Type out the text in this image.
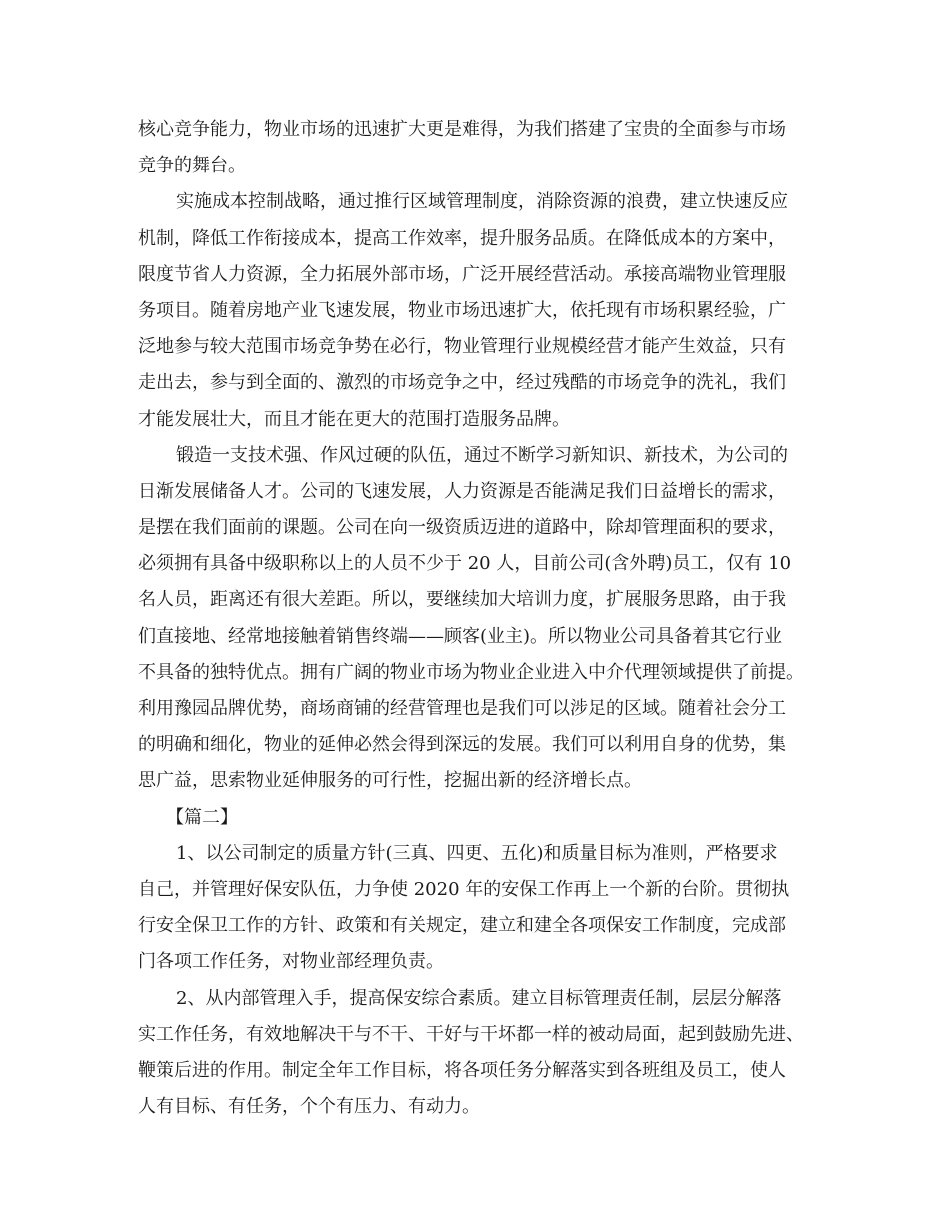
核心竞争能力，物业市场的迅速扩大更是难得，为我们搭建了宝贵的全面参与市场
竞争的舞台。
实施成本控制战略，通过推行区域管理制度，消除资源的浪费，建立快速反应
机制，降低工作衔接成本，提高工作效率，提升服务品质。在降低成本的方案中，
限度节省人力资源，全力拓展外部市场，广泛开展经营活动。承接高端物业管理服
务项目。随着房地产业飞速发展，物业市场迅速扩大，依托现有市场积累经验，广
泛地参与较大范围市场竞争势在必行，物业管理行业规模经营才能产生效益，只有
走出去，参与到全面的、激烈的市场竞争之中，经过残酷的市场竞争的洗礼，我们
才能发展壮大，而且才能在更大的范围打造服务品牌。
锻造一支技术强、作风过硬的队伍，通过不断学习新知识、新技术，为公司的
日渐发展储备人才。公司的飞速发展，人力资源是否能满足我们日益增长的需求，
是摆在我们面前的课题。公司在向一级资质迈进的道路中，除却管理面积的要求，
必须拥有具备中级职称以上的人员不少于 20 人，目前公司(含外聘)员工，仅有 10
名人员，距离还有很大差距。所以，要继续加大培训力度，扩展服务思路，由于我
们直接地、经常地接触着销售终端——顾客(业主)。所以物业公司具备着其它行业
不具备的独特优点。拥有广阔的物业市场为物业企业进入中介代理领域提供了前提。
利用豫园品牌优势，商场商铺的经营管理也是我们可以涉足的区域。随着社会分工
的明确和细化，物业的延伸必然会得到深远的发展。我们可以利用自身的优势，集
思广益，思索物业延伸服务的可行性，挖掘出新的经济增长点。
【篇二】
1、以公司制定的质量方针(三真、四更、五化)和质量目标为准则，严格要求
自己，并管理好保安队伍，力争使 2020 年的安保工作再上一个新的台阶。贯彻执
行安全保卫工作的方针、政策和有关规定，建立和建全各项保安工作制度，完成部
门各项工作任务，对物业部经理负责。
2、从内部管理入手，提高保安综合素质。建立目标管理责任制，层层分解落
实工作任务，有效地解决干与不干、干好与干坏都一样的被动局面，起到鼓励先进、
鞭策后进的作用。制定全年工作目标，将各项任务分解落实到各班组及员工，使人
人有目标、有任务，个个有压力、有动力。
